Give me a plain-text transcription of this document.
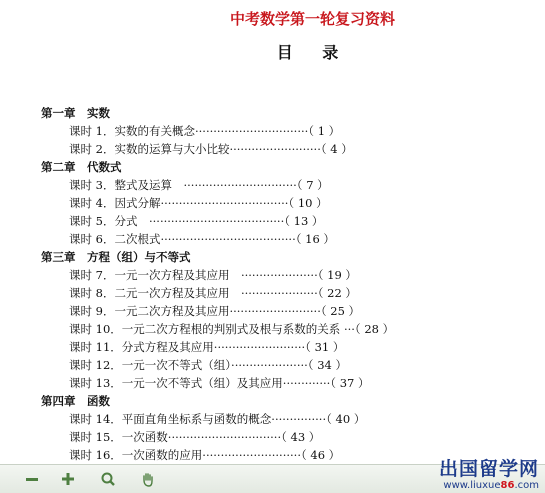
中考数学第一轮复习资料
目 录
第一章　实数
课时 1．实数的有关概念·······························（ 1 ）
课时 2．实数的运算与大小比较·························（ 4 ）
第二章　代数式
课时 3．整式及运算　·······························（ 7 ）
课时 4．因式分解···································（ 10 ）
课时 5．分式　·····································（ 13 ）
课时 6．二次根式·····································（ 16 ）
第三章　方程（组）与不等式
课时 7．一元一次方程及其应用　·····················（ 19 ）
课时 8．二元一次方程及其应用　·····················（ 22 ）
课时 9．一元二次方程及其应用·························（ 25 ）
课时 10．一元二次方程根的判别式及根与系数的关系 ···（ 28 ）
课时 11．分式方程及其应用·························（ 31 ）
课时 12．一元一次不等式（组）·····················（ 34 ）
课时 13．一元一次不等式（组）及其应用·············（ 37 ）
第四章　函数
课时 14．平面直角坐标系与函数的概念···············（ 40 ）
课时 15．一次函数·······························（ 43 ）
课时 16．一次函数的应用···························（ 46 ）
出国留学网
www.liuxue86.com
